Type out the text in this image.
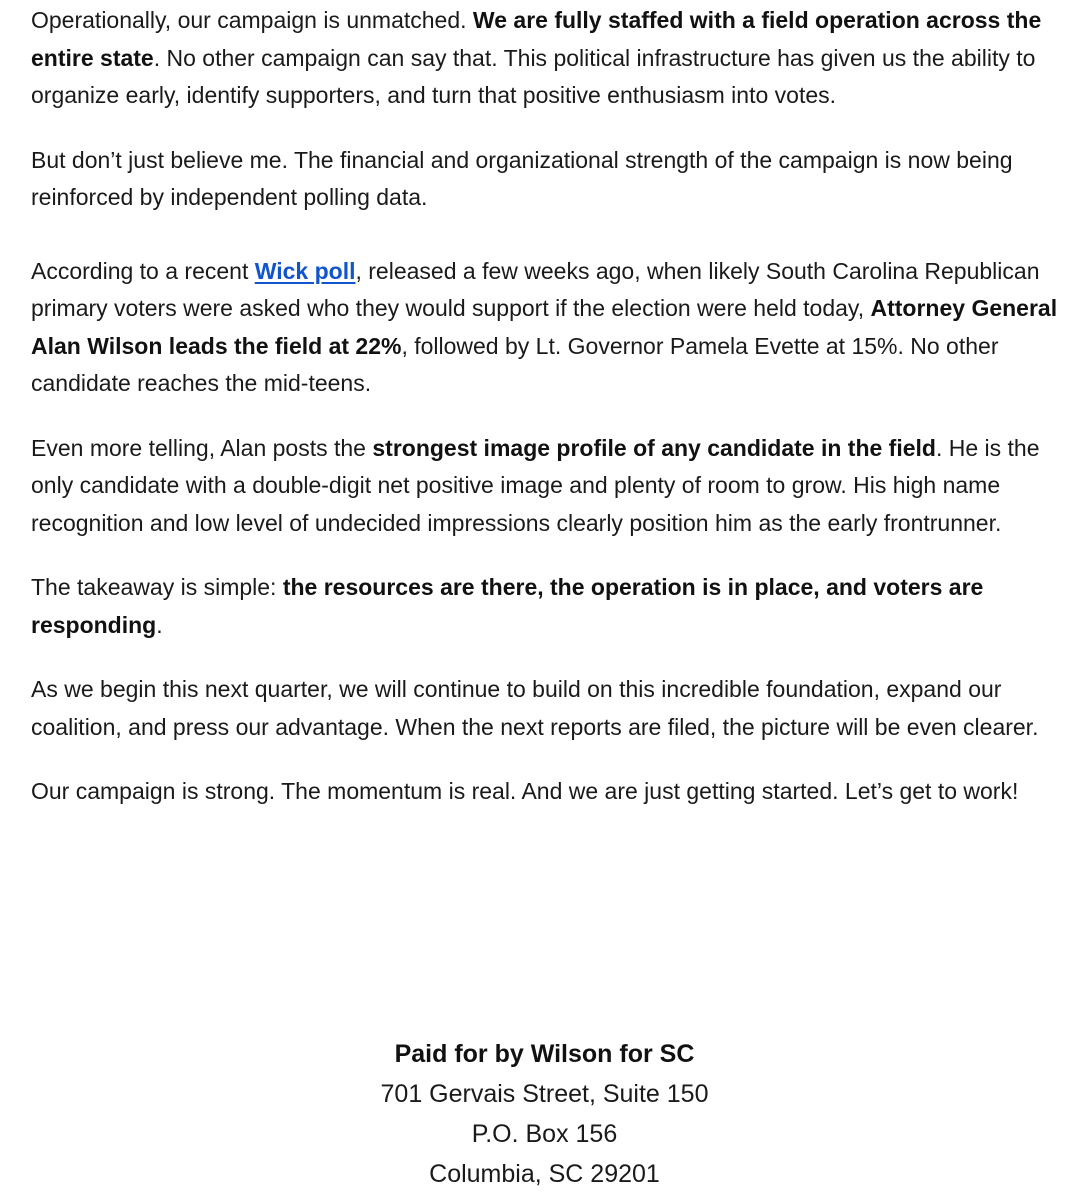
Operationally, our campaign is unmatched. We are fully staffed with a field operation across the entire state. No other campaign can say that. This political infrastructure has given us the ability to organize early, identify supporters, and turn that positive enthusiasm into votes.

But don’t just believe me. The financial and organizational strength of the campaign is now being reinforced by independent polling data.

According to a recent Wick poll, released a few weeks ago, when likely South Carolina Republican primary voters were asked who they would support if the election were held today, Attorney General Alan Wilson leads the field at 22%, followed by Lt. Governor Pamela Evette at 15%. No other candidate reaches the mid-teens.

Even more telling, Alan posts the strongest image profile of any candidate in the field. He is the only candidate with a double-digit net positive image and plenty of room to grow. His high name recognition and low level of undecided impressions clearly position him as the early frontrunner.

The takeaway is simple: the resources are there, the operation is in place, and voters are responding.

As we begin this next quarter, we will continue to build on this incredible foundation, expand our coalition, and press our advantage. When the next reports are filed, the picture will be even clearer.

Our campaign is strong. The momentum is real. And we are just getting started. Let’s get to work!

Paid for by Wilson for SC
701 Gervais Street, Suite 150
P.O. Box 156
Columbia, SC 29201
